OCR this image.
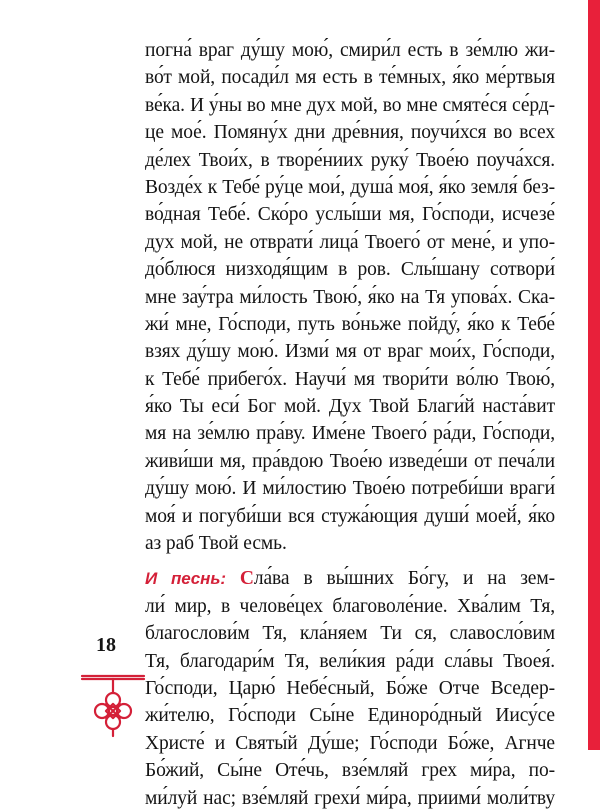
погна́ враг ду́шу мою́, смири́л есть в зе́млю жи-
во́т мой, посади́л мя есть в те́мных, я́ко ме́ртвыя
ве́ка. И у́ны во мне дух мой, во мне смяте́ся се́рд-
це мое́. Помяну́х дни дре́вния, поучи́хся во всех
де́лех Твои́х, в творе́ниих руку́ Твое́ю поуча́хся.
Возде́х к Тебе́ ру́це мои́, душа́ моя́, я́ко земля́ без-
во́дная Тебе́. Ско́ро услы́ши мя, Го́споди, исчезе́
дух мой, не отврати́ лица́ Твоего́ от мене́, и упо-
до́блюся низходя́щим в ров. Слы́шану сотвори́
мне зау́тра ми́лость Твою́, я́ко на Тя упова́х. Ска-
жи́ мне, Го́споди, путь во́ньже пойду́, я́ко к Тебе́
взях ду́шу мою́. Изми́ мя от враг мои́х, Го́споди,
к Тебе́ прибего́х. Научи́ мя твори́ти во́лю Твою́,
я́ко Ты еси́ Бог мой. Дух Твой Благи́й наста́вит
мя на зе́млю пра́ву. Име́не Твоего́ ра́ди, Го́споди,
живи́ши мя, пра́вдою Твое́ю изведе́ши от печа́ли
ду́шу мою́. И ми́лостию Твое́ю потреби́ши враги́
моя́ и погуби́ши вся стужа́ющия души́ моей́, я́ко
аз раб Твой есмь.
И песнь: Сла́ва в вы́шних Бо́гу, и на зем-
ли́ мир, в челове́цех благоволе́ние. Хва́лим Тя,
благослови́м Тя, кла́няем Ти ся, славосло́вим
Тя, благодари́м Тя, вели́кия ра́ди сла́вы Твоея́.
Го́споди, Царю́ Небе́сный, Бо́же Отче Вседер-
жи́телю, Го́споди Сы́не Единоро́дный Иису́се
Христе́ и Святы́й Ду́ше; Го́споди Бо́же, Агнче
Бо́жий, Сы́не Оте́чь, взе́мляй грех ми́ра, по-
ми́луй нас; взе́мляй грехи́ ми́ра, приими́ моли́тву
18
